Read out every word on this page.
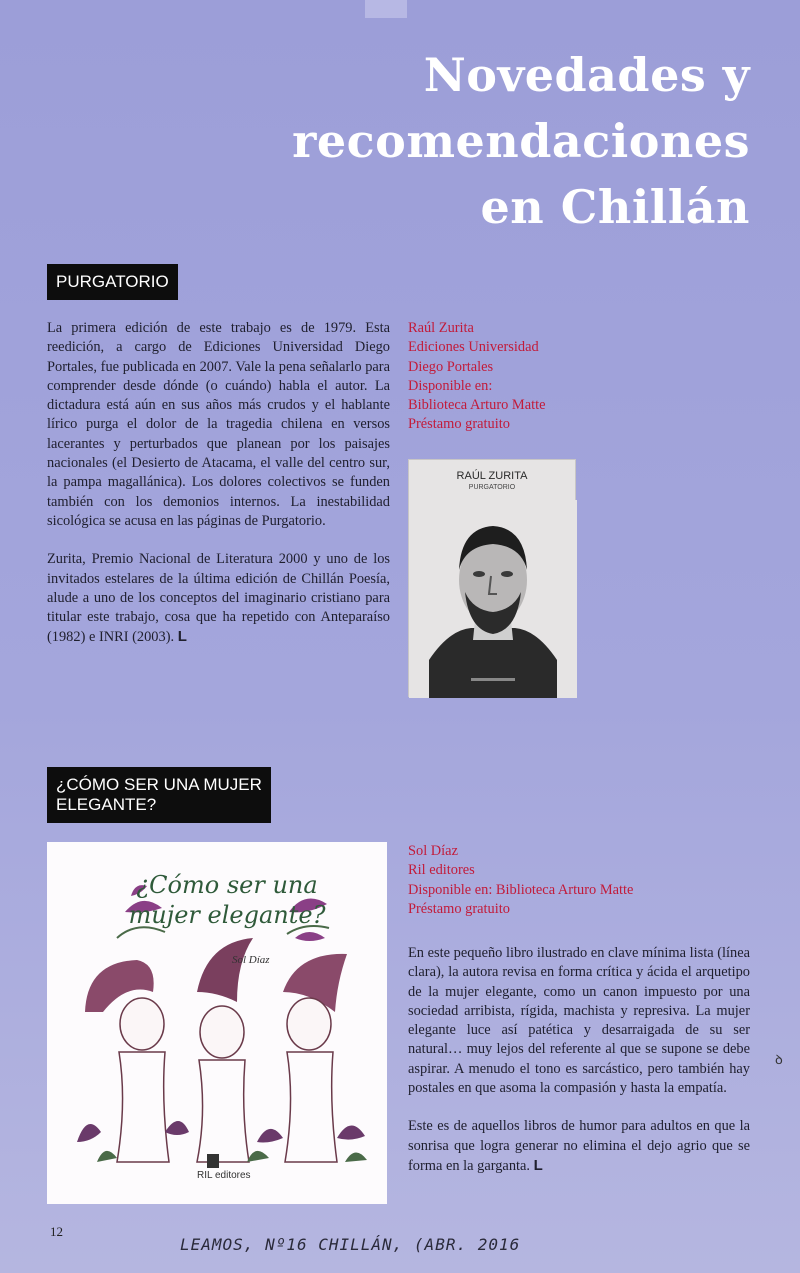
Novedades y recomendaciones
en Chillán
PURGATORIO

La primera edición de este trabajo es de 1979. Esta reedición, a cargo de Ediciones Universidad Diego Portales, fue publicada en 2007. Vale la pena señalarlo para comprender desde dónde (o cuándo) habla el autor. La dictadura está aún en sus años más crudos y el hablante lírico purga el dolor de la tragedia chilena en versos lacerantes y perturbados que planean por los paisajes nacionales (el Desierto de Atacama, el valle del centro sur, la pampa magallánica). Los dolores colectivos se funden también con los demonios internos. La inestabilidad sicológica se acusa en las páginas de Purgatorio.

Zurita, Premio Nacional de Literatura 2000 y uno de los invitados estelares de la última edición de Chillán Poesía, alude a uno de los conceptos del imaginario cristiano para titular este trabajo, cosa que ha repetido con Anteparaíso (1982) e INRI (2003). L

Raúl Zurita
Ediciones Universidad
Diego Portales
Disponible en:
Biblioteca Arturo Matte
Préstamo gratuito
RAÚL ZURITA
PURGATORIO
¿CÓMO SER UNA MUJER
ELEGANTE?
¿Cómo ser una mujer elegante?
Sol Díaz
RIL editores
Sol Díaz
Ril editores
Disponible en: Biblioteca Arturo Matte
Préstamo gratuito

En este pequeño libro ilustrado en clave mínima lista (línea clara), la autora revisa en forma crítica y ácida el arquetipo de la mujer elegante, como un canon impuesto por una sociedad arribista, rígida, machista y represiva. La mujer elegante luce así patética y desarraigada de su ser natural… muy lejos del referente al que se supone se debe aspirar. A menudo el tono es sarcástico, pero también hay postales en que asoma la compasión y hasta la empatía.

Este es de aquellos libros de humor para adultos en que la sonrisa que logra generar no elimina el dejo agrio que se forma en la garganta. L

ꝺ
12
LEAMOS, Nº16 CHILLÁN, (ABR. 2016
